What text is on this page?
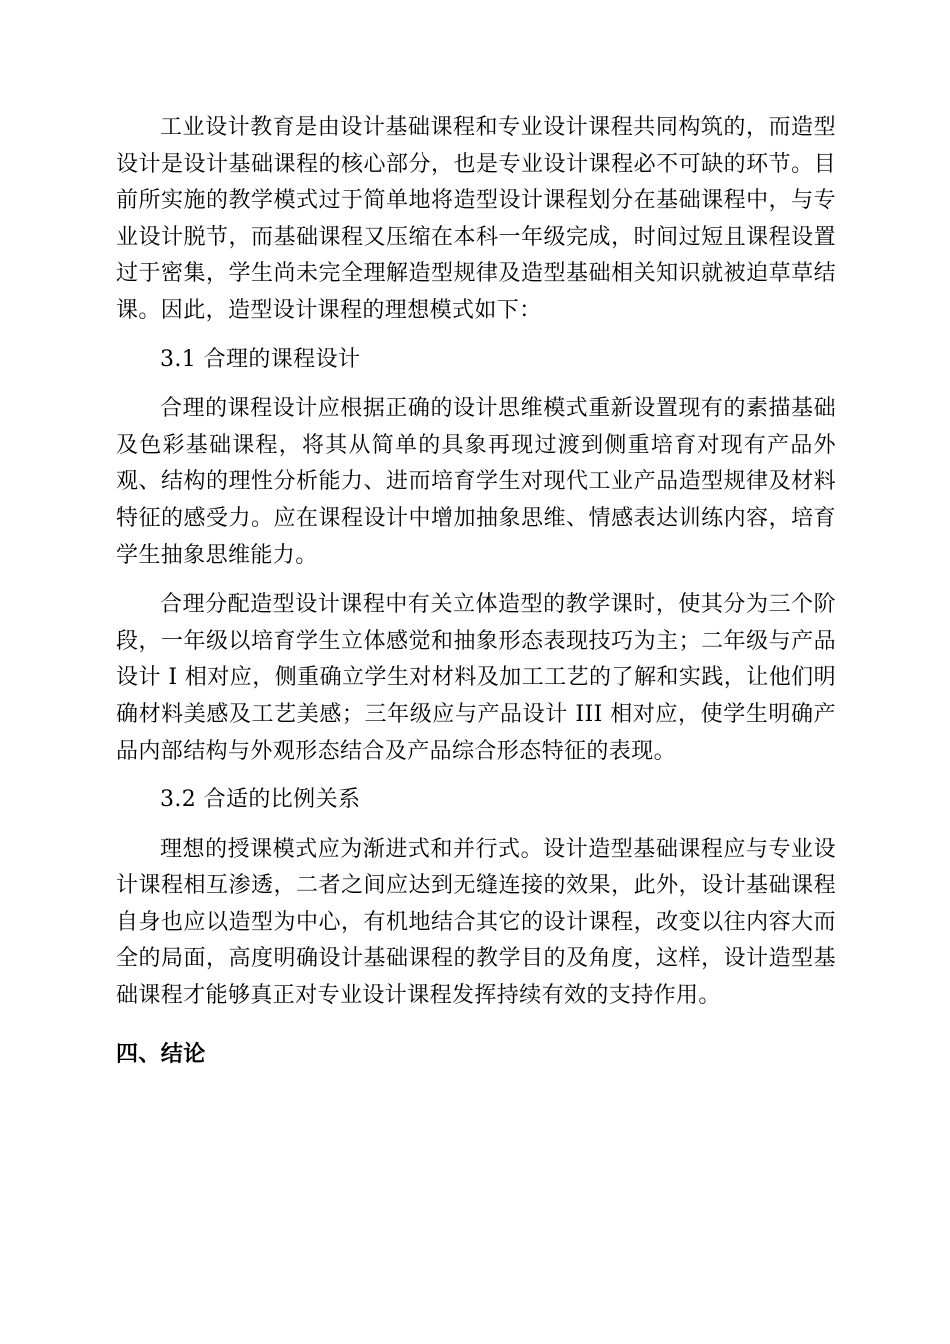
工业设计教育是由设计基础课程和专业设计课程共同构筑的，而造型设计是设计基础课程的核心部分，也是专业设计课程必不可缺的环节。目前所实施的教学模式过于简单地将造型设计课程划分在基础课程中，与专业设计脱节，而基础课程又压缩在本科一年级完成，时间过短且课程设置过于密集，学生尚未完全理解造型规律及造型基础相关知识就被迫草草结课。因此，造型设计课程的理想模式如下：

3.1 合理的课程设计

合理的课程设计应根据正确的设计思维模式重新设置现有的素描基础及色彩基础课程，将其从简单的具象再现过渡到侧重培育对现有产品外观、结构的理性分析能力、进而培育学生对现代工业产品造型规律及材料特征的感受力。应在课程设计中增加抽象思维、情感表达训练内容，培育学生抽象思维能力。

合理分配造型设计课程中有关立体造型的教学课时，使其分为三个阶段，一年级以培育学生立体感觉和抽象形态表现技巧为主；二年级与产品设计 I 相对应，侧重确立学生对材料及加工工艺的了解和实践，让他们明确材料美感及工艺美感；三年级应与产品设计 III 相对应，使学生明确产品内部结构与外观形态结合及产品综合形态特征的表现。

3.2 合适的比例关系

理想的授课模式应为渐进式和并行式。设计造型基础课程应与专业设计课程相互渗透，二者之间应达到无缝连接的效果，此外，设计基础课程自身也应以造型为中心，有机地结合其它的设计课程，改变以往内容大而全的局面，高度明确设计基础课程的教学目的及角度，这样，设计造型基础课程才能够真正对专业设计课程发挥持续有效的支持作用。

四、结论
